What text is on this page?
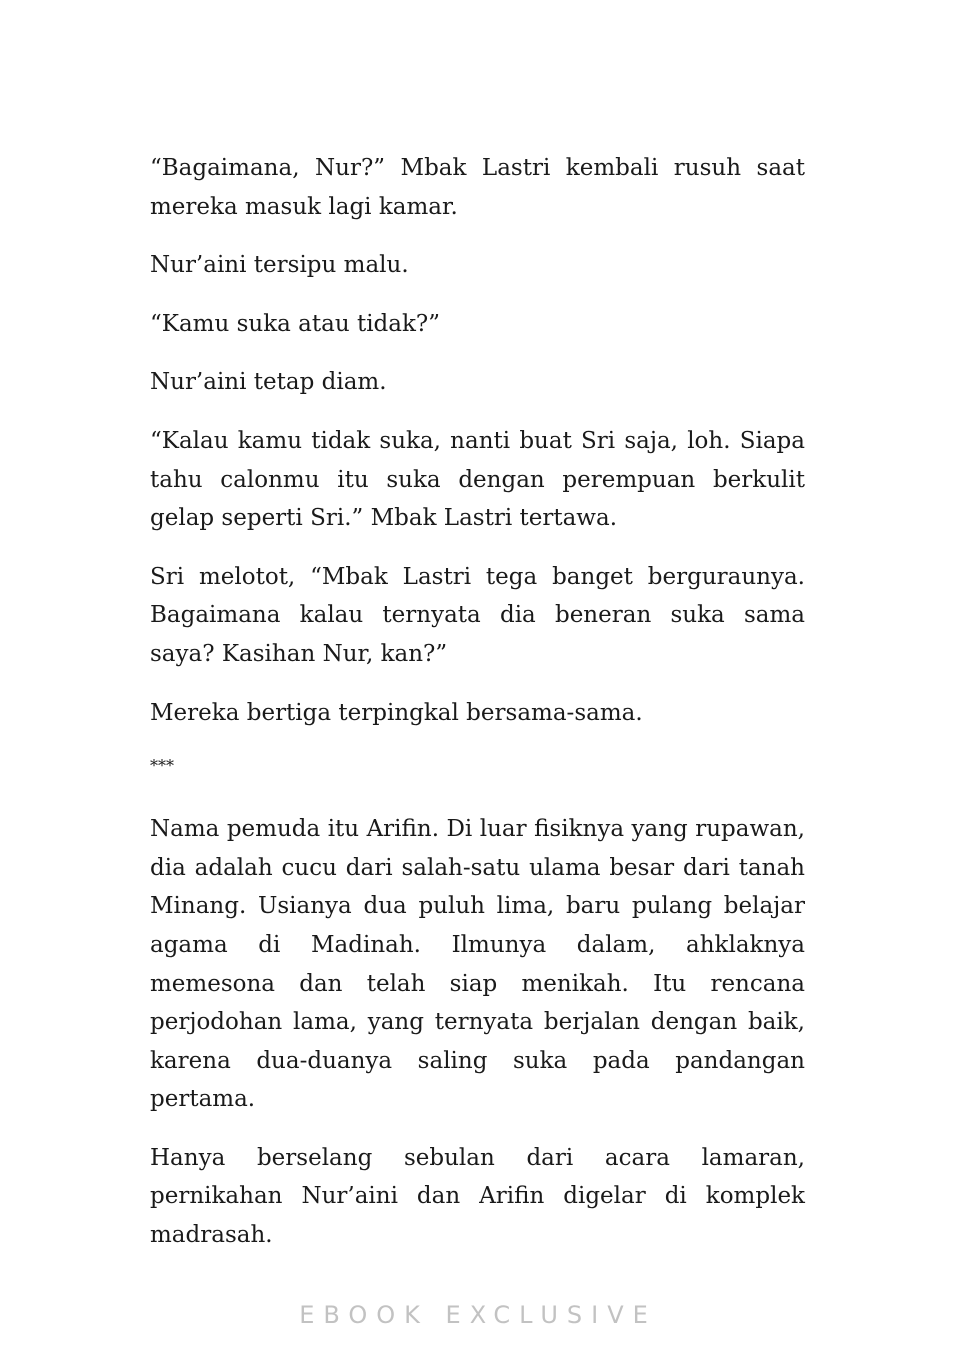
“Bagaimana, Nur?” Mbak Lastri kembali rusuh saat mereka masuk lagi kamar.

Nur’aini tersipu malu.

“Kamu suka atau tidak?”

Nur’aini tetap diam.

“Kalau kamu tidak suka, nanti buat Sri saja, loh. Siapa tahu calonmu itu suka dengan perempuan berkulit gelap seperti Sri.” Mbak Lastri tertawa.

Sri melotot, “Mbak Lastri tega banget berguraunya. Bagaimana kalau ternyata dia beneran suka sama saya? Kasihan Nur, kan?”

Mereka bertiga terpingkal bersama-sama.

***

Nama pemuda itu Arifin. Di luar fisiknya yang rupawan, dia adalah cucu dari salah-satu ulama besar dari tanah Minang. Usianya dua puluh lima, baru pulang belajar agama di Madinah. Ilmunya dalam, ahklaknya memesona dan telah siap menikah. Itu rencana perjodohan lama, yang ternyata berjalan dengan baik, karena dua-duanya saling suka pada pandangan pertama.

Hanya berselang sebulan dari acara lamaran, pernikahan Nur’aini dan Arifin digelar di komplek madrasah.

EBOOK EXCLUSIVE
